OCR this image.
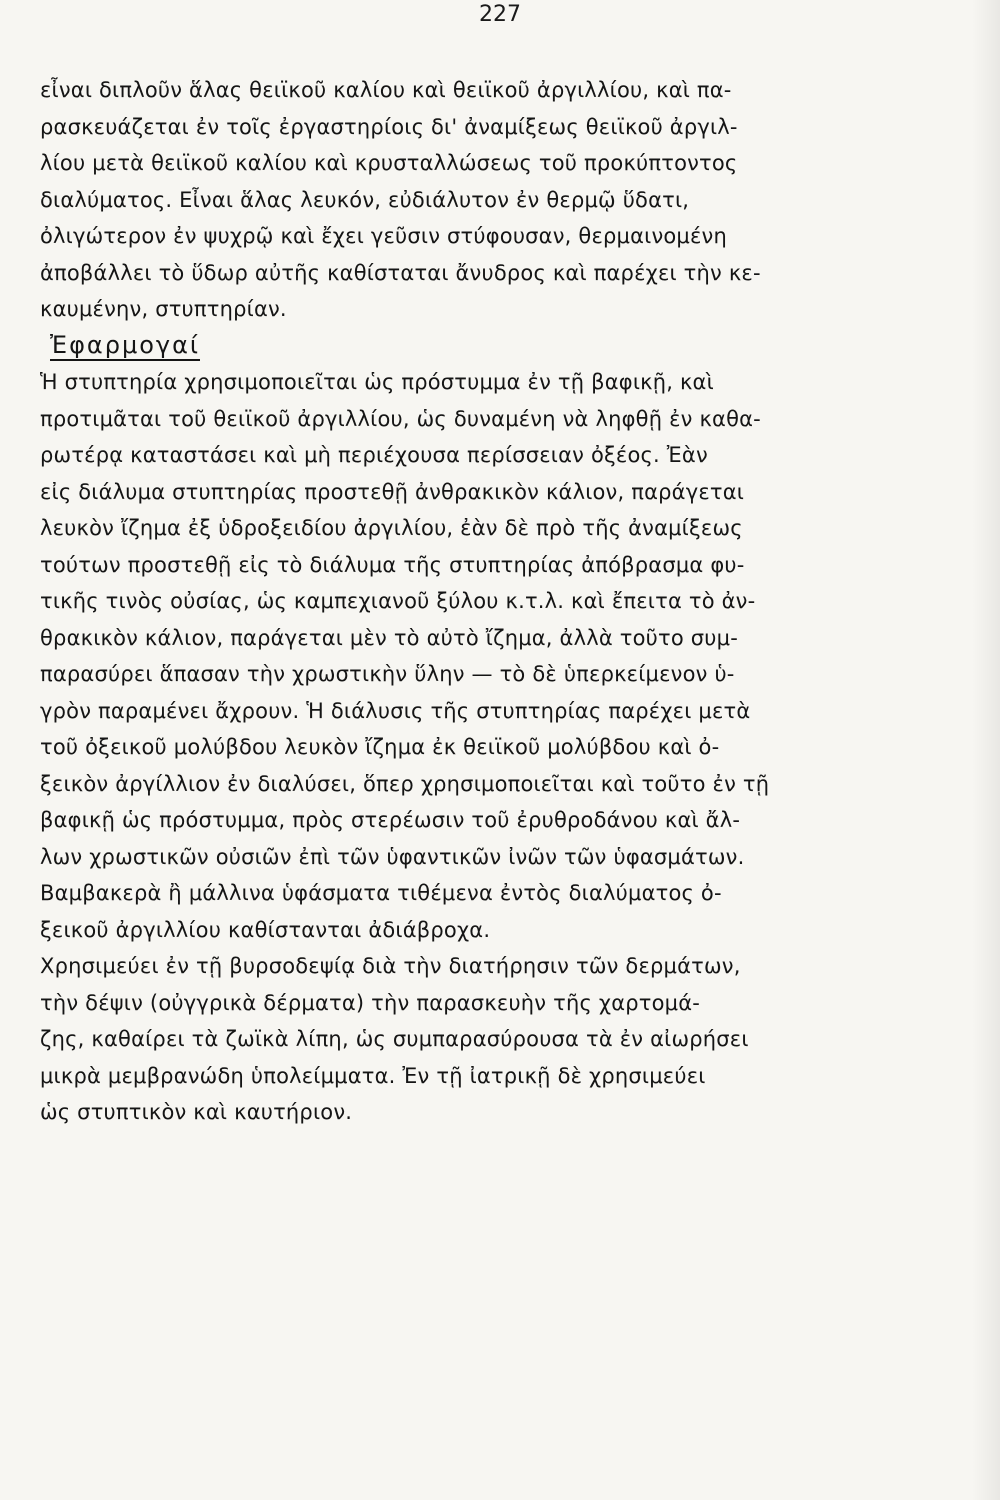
227
εἶναι διπλοῦν ἅλας θειϊκοῦ καλίου καὶ θειϊκοῦ ἀργιλλίου, καὶ πα-
ρασκευάζεται ἐν τοῖς ἐργαστηρίοις δι' ἀναμίξεως θειϊκοῦ ἀργιλ-
λίου μετὰ θειϊκοῦ καλίου καὶ κρυσταλλώσεως τοῦ προκύπτοντος
διαλύματος. Εἶναι ἅλας λευκόν, εὐδιάλυτον ἐν θερμῷ ὕδατι,
ὀλιγώτερον ἐν ψυχρῷ καὶ ἔχει γεῦσιν στύφουσαν, θερμαινομένη
ἀποβάλλει τὸ ὕδωρ αὐτῆς καθίσταται ἄνυδρος καὶ παρέχει τὴν κε-
καυμένην, στυπτηρίαν.
Ἐφαρμογαί
Ἡ στυπτηρία χρησιμοποιεῖται ὡς πρόστυμμα ἐν τῇ βαφικῇ, καὶ
προτιμᾶται τοῦ θειϊκοῦ ἀργιλλίου, ὡς δυναμένη νὰ ληφθῇ ἐν καθα-
ρωτέρᾳ καταστάσει καὶ μὴ περιέχουσα περίσσειαν ὀξέος. Ἐὰν
εἰς διάλυμα στυπτηρίας προστεθῇ ἀνθρακικὸν κάλιον, παράγεται
λευκὸν ἴζημα ἐξ ὑδροξειδίου ἀργιλίου, ἐὰν δὲ πρὸ τῆς ἀναμίξεως
τούτων προστεθῇ εἰς τὸ διάλυμα τῆς στυπτηρίας ἀπόβρασμα φυ-
τικῆς τινὸς οὐσίας, ὡς καμπεχιανοῦ ξύλου κ.τ.λ. καὶ ἔπειτα τὸ ἀν-
θρακικὸν κάλιον, παράγεται μὲν τὸ αὐτὸ ἴζημα, ἀλλὰ τοῦτο συμ-
παρασύρει ἅπασαν τὴν χρωστικὴν ὕλην — τὸ δὲ ὑπερκείμενον ὑ-
γρὸν παραμένει ἄχρουν. Ἡ διάλυσις τῆς στυπτηρίας παρέχει μετὰ
τοῦ ὀξεικοῦ μολύβδου λευκὸν ἴζημα ἐκ θειϊκοῦ μολύβδου καὶ ὀ-
ξεικὸν ἀργίλλιον ἐν διαλύσει, ὅπερ χρησιμοποιεῖται καὶ τοῦτο ἐν τῇ
βαφικῇ ὡς πρόστυμμα, πρὸς στερέωσιν τοῦ ἐρυθροδάνου καὶ ἄλ-
λων χρωστικῶν οὐσιῶν ἐπὶ τῶν ὑφαντικῶν ἰνῶν τῶν ὑφασμάτων.
Βαμβακερὰ ἢ μάλλινα ὑφάσματα τιθέμενα ἐντὸς διαλύματος ὀ-
ξεικοῦ ἀργιλλίου καθίστανται ἀδιάβροχα.
Χρησιμεύει ἐν τῇ βυρσοδεψίᾳ διὰ τὴν διατήρησιν τῶν δερμάτων,
τὴν δέψιν (οὐγγρικὰ δέρματα) τὴν παρασκευὴν τῆς χαρτομά-
ζης, καθαίρει τὰ ζωϊκὰ λίπη, ὡς συμπαρασύρουσα τὰ ἐν αἰωρήσει
μικρὰ μεμβρανώδη ὑπολείμματα. Ἐν τῇ ἰατρικῇ δὲ χρησιμεύει
ὡς στυπτικὸν καὶ καυτήριον.
